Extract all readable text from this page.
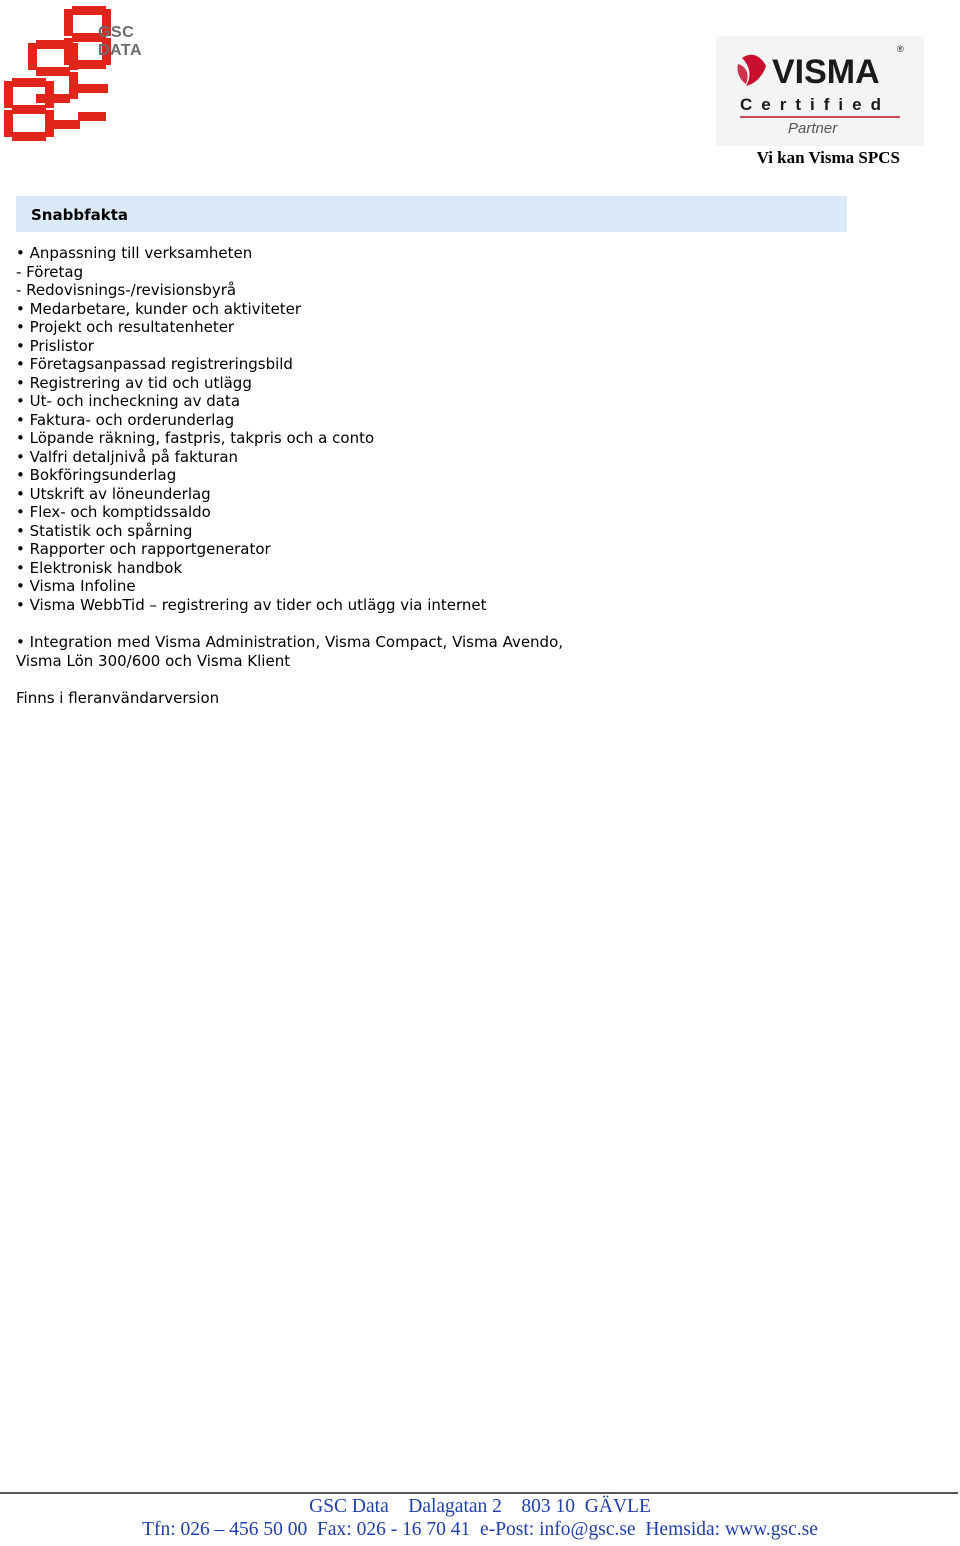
GSC
DATA
VISMA
®
Certified
Partner
Vi kan Visma SPCS
Snabbfakta
• Anpassning till verksamheten
- Företag
- Redovisnings-/revisionsbyrå
• Medarbetare, kunder och aktiviteter
• Projekt och resultatenheter
• Prislistor
• Företagsanpassad registreringsbild
• Registrering av tid och utlägg
• Ut- och incheckning av data
• Faktura- och orderunderlag
• Löpande räkning, fastpris, takpris och a conto
• Valfri detaljnivå på fakturan
• Bokföringsunderlag
• Utskrift av löneunderlag
• Flex- och komptidssaldo
• Statistik och spårning
• Rapporter och rapportgenerator
• Elektronisk handbok
• Visma Infoline
• Visma WebbTid – registrering av tider och utlägg via internet
• Integration med Visma Administration, Visma Compact, Visma Avendo,
Visma Lön 300/600 och Visma Klient
Finns i fleranvändarversion
GSC Data    Dalagatan 2    803 10  GÄVLE
Tfn: 026 – 456 50 00  Fax: 026 - 16 70 41  e-Post: info@gsc.se  Hemsida: www.gsc.se
